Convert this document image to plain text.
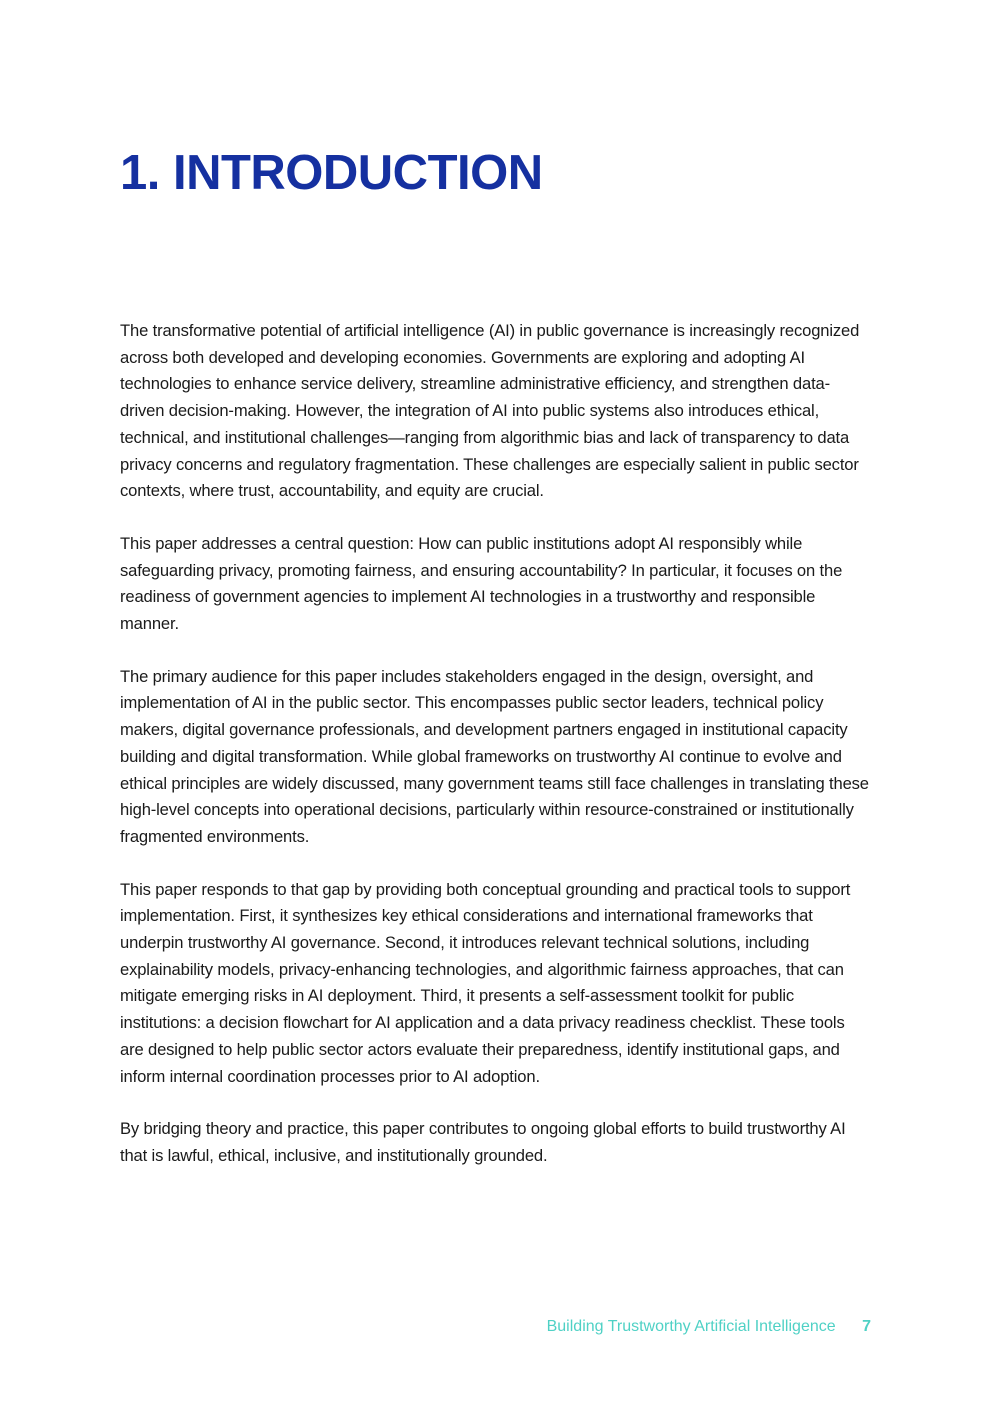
1. INTRODUCTION

The transformative potential of artificial intelligence (AI) in public governance is increasingly recognized across both developed and developing economies. Governments are exploring and adopting AI technologies to enhance service delivery, streamline administrative efficiency, and strengthen data-driven decision-making. However, the integration of AI into public systems also introduces ethical, technical, and institutional challenges—ranging from algorithmic bias and lack of transparency to data privacy concerns and regulatory fragmentation. These challenges are especially salient in public sector contexts, where trust, accountability, and equity are crucial.

This paper addresses a central question: How can public institutions adopt AI responsibly while safeguarding privacy, promoting fairness, and ensuring accountability? In particular, it focuses on the readiness of government agencies to implement AI technologies in a trustworthy and responsible manner.

The primary audience for this paper includes stakeholders engaged in the design, oversight, and implementation of AI in the public sector. This encompasses public sector leaders, technical policy makers, digital governance professionals, and development partners engaged in institutional capacity building and digital transformation. While global frameworks on trustworthy AI continue to evolve and ethical principles are widely discussed, many government teams still face challenges in translating these high-level concepts into operational decisions, particularly within resource-constrained or institutionally fragmented environments.

This paper responds to that gap by providing both conceptual grounding and practical tools to support implementation. First, it synthesizes key ethical considerations and international frameworks that underpin trustworthy AI governance. Second, it introduces relevant technical solutions, including explainability models, privacy-enhancing technologies, and algorithmic fairness approaches, that can mitigate emerging risks in AI deployment. Third, it presents a self-assessment toolkit for public institutions: a decision flowchart for AI application and a data privacy readiness checklist. These tools are designed to help public sector actors evaluate their preparedness, identify institutional gaps, and inform internal coordination processes prior to AI adoption.

By bridging theory and practice, this paper contributes to ongoing global efforts to build trustworthy AI that is lawful, ethical, inclusive, and institutionally grounded.

Building Trustworthy Artificial Intelligence 7
